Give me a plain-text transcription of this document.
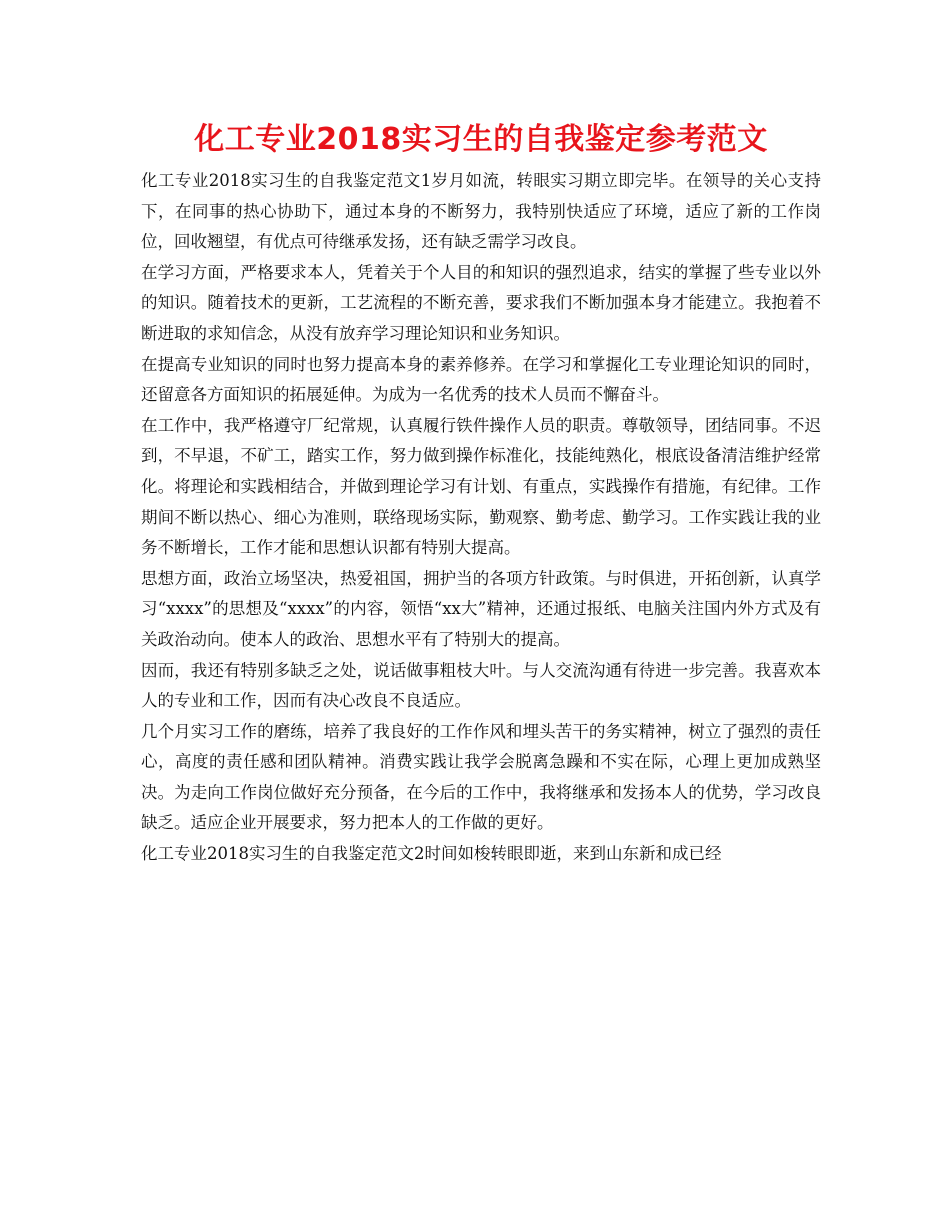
化工专业2018实习生的自我鉴定参考范文

化工专业2018实习生的自我鉴定范文1岁月如流，转眼实习期立即完毕。在领导的关心支持下，在同事的热心协助下，通过本身的不断努力，我特别快适应了环境，适应了新的工作岗位，回收翘望，有优点可待继承发扬，还有缺乏需学习改良。

在学习方面，严格要求本人，凭着关于个人目的和知识的强烈追求，结实的掌握了些专业以外的知识。随着技术的更新，工艺流程的不断充善，要求我们不断加强本身才能建立。我抱着不断进取的求知信念，从没有放弃学习理论知识和业务知识。

在提高专业知识的同时也努力提高本身的素养修养。在学习和掌握化工专业理论知识的同时，还留意各方面知识的拓展延伸。为成为一名优秀的技术人员而不懈奋斗。

在工作中，我严格遵守厂纪常规，认真履行铁件操作人员的职责。尊敬领导，团结同事。不迟到，不早退，不矿工，踏实工作，努力做到操作标准化，技能纯熟化，根底设备清洁维护经常化。将理论和实践相结合，并做到理论学习有计划、有重点，实践操作有措施，有纪律。工作期间不断以热心、细心为准则，联络现场实际，勤观察、勤考虑、勤学习。工作实践让我的业务不断增长，工作才能和思想认识都有特别大提高。

思想方面，政治立场坚决，热爱祖国，拥护当的各项方针政策。与时俱进，开拓创新，认真学习“xxxx”的思想及“xxxx”的内容，领悟“xx大”精神，还通过报纸、电脑关注国内外方式及有关政治动向。使本人的政治、思想水平有了特别大的提高。

因而，我还有特别多缺乏之处，说话做事粗枝大叶。与人交流沟通有待进一步完善。我喜欢本人的专业和工作，因而有决心改良不良适应。

几个月实习工作的磨练，培养了我良好的工作作风和埋头苦干的务实精神，树立了强烈的责任心，高度的责任感和团队精神。消费实践让我学会脱离急躁和不实在际，心理上更加成熟坚决。为走向工作岗位做好充分预备，在今后的工作中，我将继承和发扬本人的优势，学习改良缺乏。适应企业开展要求，努力把本人的工作做的更好。

化工专业2018实习生的自我鉴定范文2时间如梭转眼即逝，来到山东新和成已经
